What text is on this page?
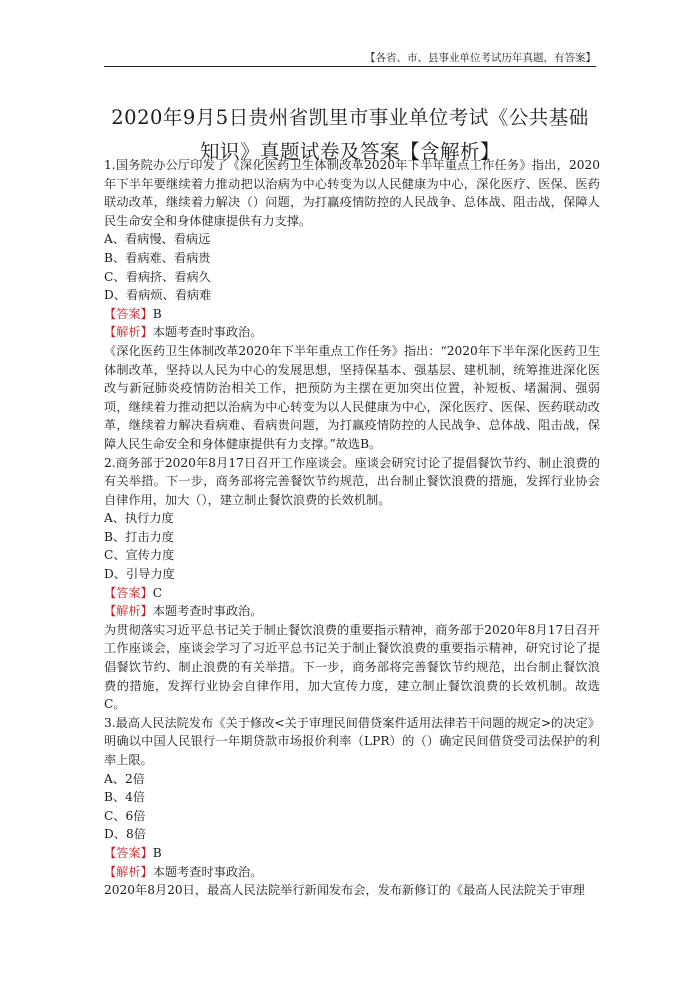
【各省、市、县事业单位考试历年真题，有答案】
2020年9月5日贵州省凯里市事业单位考试《公共基础知识》真题试卷及答案【含解析】

1.国务院办公厅印发了《深化医药卫生体制改革2020年下半年重点工作任务》指出，2020年下半年要继续着力推动把以治病为中心转变为以人民健康为中心，深化医疗、医保、医药联动改革，继续着力解决（）问题，为打赢疫情防控的人民战争、总体战、阻击战，保障人民生命安全和身体健康提供有力支撑。

A、看病慢、看病远

B、看病难、看病贵

C、看病挤、看病久

D、看病烦、看病难

【答案】B

【解析】本题考查时事政治。

《深化医药卫生体制改革2020年下半年重点工作任务》指出：“2020年下半年深化医药卫生体制改革，坚持以人民为中心的发展思想，坚持保基本、强基层、建机制，统筹推进深化医改与新冠肺炎疫情防治相关工作，把预防为主摆在更加突出位置，补短板、堵漏洞、强弱项，继续着力推动把以治病为中心转变为以人民健康为中心，深化医疗、医保、医药联动改革，继续着力解决看病难、看病贵问题，为打赢疫情防控的人民战争、总体战、阻击战，保障人民生命安全和身体健康提供有力支撑。”故选B。

2.商务部于2020年8月17日召开工作座谈会。座谈会研究讨论了提倡餐饮节约、制止浪费的有关举措。下一步，商务部将完善餐饮节约规范，出台制止餐饮浪费的措施，发挥行业协会自律作用，加大（），建立制止餐饮浪费的长效机制。

A、执行力度

B、打击力度

C、宣传力度

D、引导力度

【答案】C

【解析】本题考查时事政治。

为贯彻落实习近平总书记关于制止餐饮浪费的重要指示精神，商务部于2020年8月17日召开工作座谈会，座谈会学习了习近平总书记关于制止餐饮浪费的重要指示精神，研究讨论了提倡餐饮节约、制止浪费的有关举措。下一步，商务部将完善餐饮节约规范，出台制止餐饮浪费的措施，发挥行业协会自律作用，加大宣传力度，建立制止餐饮浪费的长效机制。故选C。

3.最高人民法院发布《关于修改<关于审理民间借贷案件适用法律若干问题的规定>的决定》明确以中国人民银行一年期贷款市场报价利率（LPR）的（）确定民间借贷受司法保护的利率上限。

A、2倍

B、4倍

C、6倍

D、8倍

【答案】B

【解析】本题考查时事政治。

2020年8月20日，最高人民法院举行新闻发布会，发布新修订的《最高人民法院关于审理
